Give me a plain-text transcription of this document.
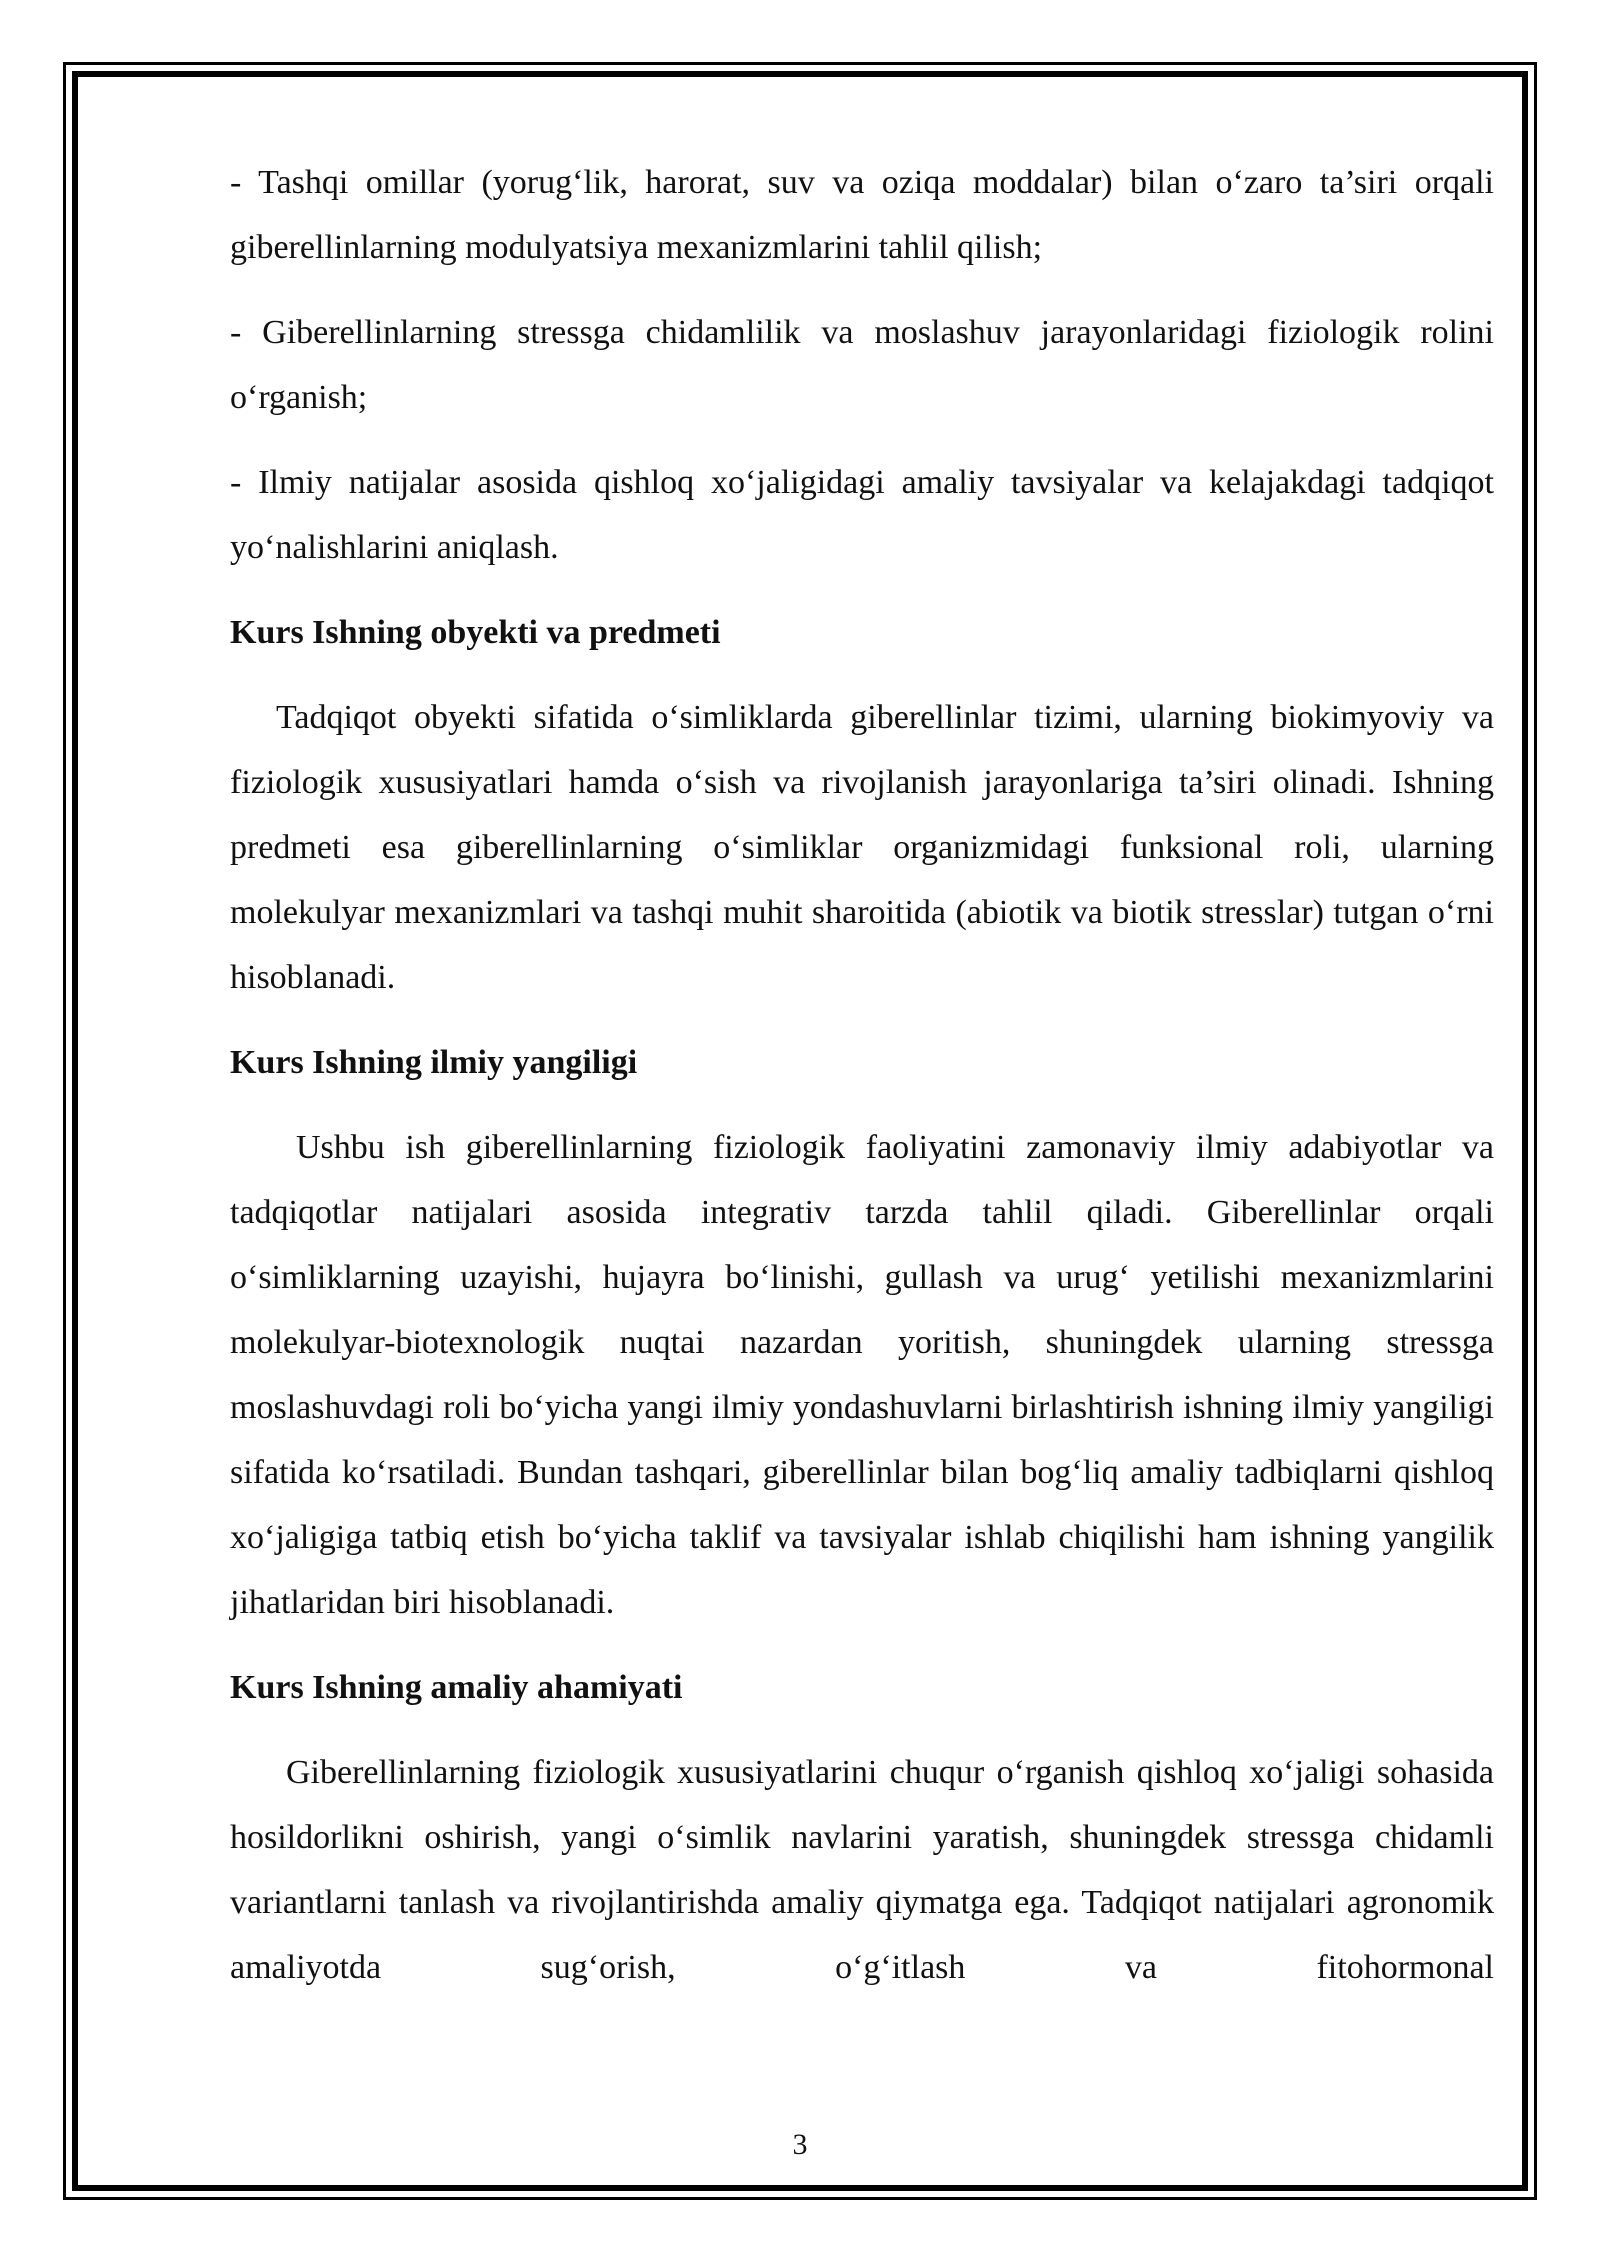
- Tashqi omillar (yorug‘lik, harorat, suv va oziqa moddalar) bilan o‘zaro ta’siri orqali giberellinlarning modulyatsiya mexanizmlarini tahlil qilish;

- Giberellinlarning stressga chidamlilik va moslashuv jarayonlaridagi fiziologik rolini o‘rganish;

- Ilmiy natijalar asosida qishloq xo‘jaligidagi amaliy tavsiyalar va kelajakdagi tadqiqot yo‘nalishlarini aniqlash.

Kurs Ishning obyekti va predmeti

Tadqiqot obyekti sifatida o‘simliklarda giberellinlar tizimi, ularning biokimyoviy va fiziologik xususiyatlari hamda o‘sish va rivojlanish jarayonlariga ta’siri olinadi. Ishning predmeti esa giberellinlarning o‘simliklar organizmidagi funksional roli, ularning molekulyar mexanizmlari va tashqi muhit sharoitida (abiotik va biotik stresslar) tutgan o‘rni hisoblanadi.

Kurs Ishning ilmiy yangiligi

Ushbu ish giberellinlarning fiziologik faoliyatini zamonaviy ilmiy adabiyotlar va tadqiqotlar natijalari asosida integrativ tarzda tahlil qiladi. Giberellinlar orqali o‘simliklarning uzayishi, hujayra bo‘linishi, gullash va urug‘ yetilishi mexanizmlarini molekulyar-biotexnologik nuqtai nazardan yoritish, shuningdek ularning stressga moslashuvdagi roli bo‘yicha yangi ilmiy yondashuvlarni birlashtirish ishning ilmiy yangiligi sifatida ko‘rsatiladi. Bundan tashqari, giberellinlar bilan bog‘liq amaliy tadbiqlarni qishloq xo‘jaligiga tatbiq etish bo‘yicha taklif va tavsiyalar ishlab chiqilishi ham ishning yangilik jihatlaridan biri hisoblanadi.

Kurs Ishning amaliy ahamiyati

Giberellinlarning fiziologik xususiyatlarini chuqur o‘rganish qishloq xo‘jaligi sohasida hosildorlikni oshirish, yangi o‘simlik navlarini yaratish, shuningdek stressga chidamli variantlarni tanlash va rivojlantirishda amaliy qiymatga ega. Tadqiqot natijalari agronomik amaliyotda sug‘orish, o‘g‘itlash va fitohormonal

3
